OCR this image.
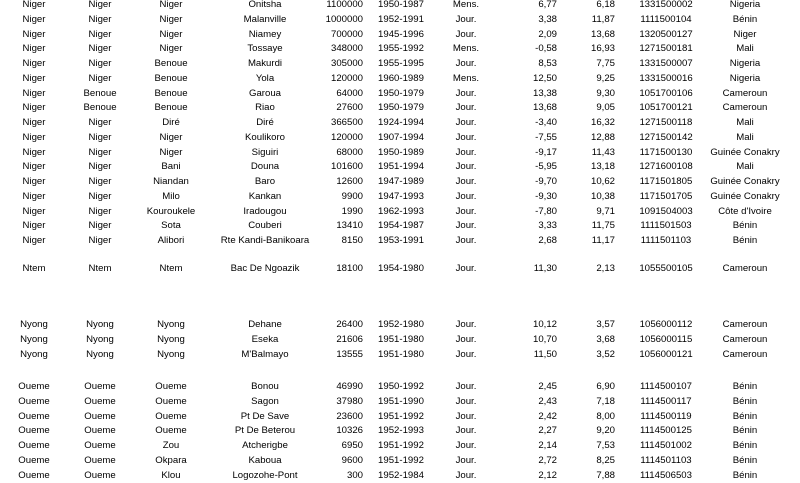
Niger	Niger	Niger	Onitsha	1100000	1950-1987	Mens.	6,77	6,18	1331500002	Nigeria
Niger	Niger	Niger	Malanville	1000000	1952-1991	Jour.	3,38	11,87	1111500104	Bénin
Niger	Niger	Niger	Niamey	700000	1945-1996	Jour.	2,09	13,68	1320500127	Niger
Niger	Niger	Niger	Tossaye	348000	1955-1992	Mens.	-0,58	16,93	1271500181	Mali
Niger	Niger	Benoue	Makurdi	305000	1955-1995	Jour.	8,53	7,75	1331500007	Nigeria
Niger	Niger	Benoue	Yola	120000	1960-1989	Mens.	12,50	9,25	1331500016	Nigeria
Niger	Benoue	Benoue	Garoua	64000	1950-1979	Jour.	13,38	9,30	1051700106	Cameroun
Niger	Benoue	Benoue	Riao	27600	1950-1979	Jour.	13,68	9,05	1051700121	Cameroun
Niger	Niger	Diré	Diré	366500	1924-1994	Jour.	-3,40	16,32	1271500118	Mali
Niger	Niger	Niger	Koulikoro	120000	1907-1994	Jour.	-7,55	12,88	1271500142	Mali
Niger	Niger	Niger	Siguiri	68000	1950-1989	Jour.	-9,17	11,43	1171500130	Guinée Conakry
Niger	Niger	Bani	Douna	101600	1951-1994	Jour.	-5,95	13,18	1271600108	Mali
Niger	Niger	Niandan	Baro	12600	1947-1989	Jour.	-9,70	10,62	1171501805	Guinée Conakry
Niger	Niger	Milo	Kankan	9900	1947-1993	Jour.	-9,30	10,38	1171501705	Guinée Conakry
Niger	Niger	Kouroukele	Iradougou	1990	1962-1993	Jour.	-7,80	9,71	1091504003	Côte d'Ivoire
Niger	Niger	Sota	Couberi	13410	1954-1987	Jour.	3,33	11,75	1111501503	Bénin
Niger	Niger	Alibori	Rte Kandi-Banikoara	8150	1953-1991	Jour.	2,68	11,17	1111501103	Bénin
Ntem	Ntem	Ntem	Bac De Ngoazik	18100	1954-1980	Jour.	11,30	2,13	1055500105	Cameroun
Nyong	Nyong	Nyong	Dehane	26400	1952-1980	Jour.	10,12	3,57	1056000112	Cameroun
Nyong	Nyong	Nyong	Eseka	21606	1951-1980	Jour.	10,70	3,68	1056000115	Cameroun
Nyong	Nyong	Nyong	M'Balmayo	13555	1951-1980	Jour.	11,50	3,52	1056000121	Cameroun
Oueme	Oueme	Oueme	Bonou	46990	1950-1992	Jour.	2,45	6,90	1114500107	Bénin
Oueme	Oueme	Oueme	Sagon	37980	1951-1990	Jour.	2,43	7,18	1114500117	Bénin
Oueme	Oueme	Oueme	Pt De Save	23600	1951-1992	Jour.	2,42	8,00	1114500119	Bénin
Oueme	Oueme	Oueme	Pt De Beterou	10326	1952-1993	Jour.	2,27	9,20	1114500125	Bénin
Oueme	Oueme	Zou	Atcherigbe	6950	1951-1992	Jour.	2,14	7,53	1114501002	Bénin
Oueme	Oueme	Okpara	Kaboua	9600	1951-1992	Jour.	2,72	8,25	1114501103	Bénin
Oueme	Oueme	Klou	Logozohe-Pont	300	1952-1984	Jour.	2,12	7,88	1114506503	Bénin
